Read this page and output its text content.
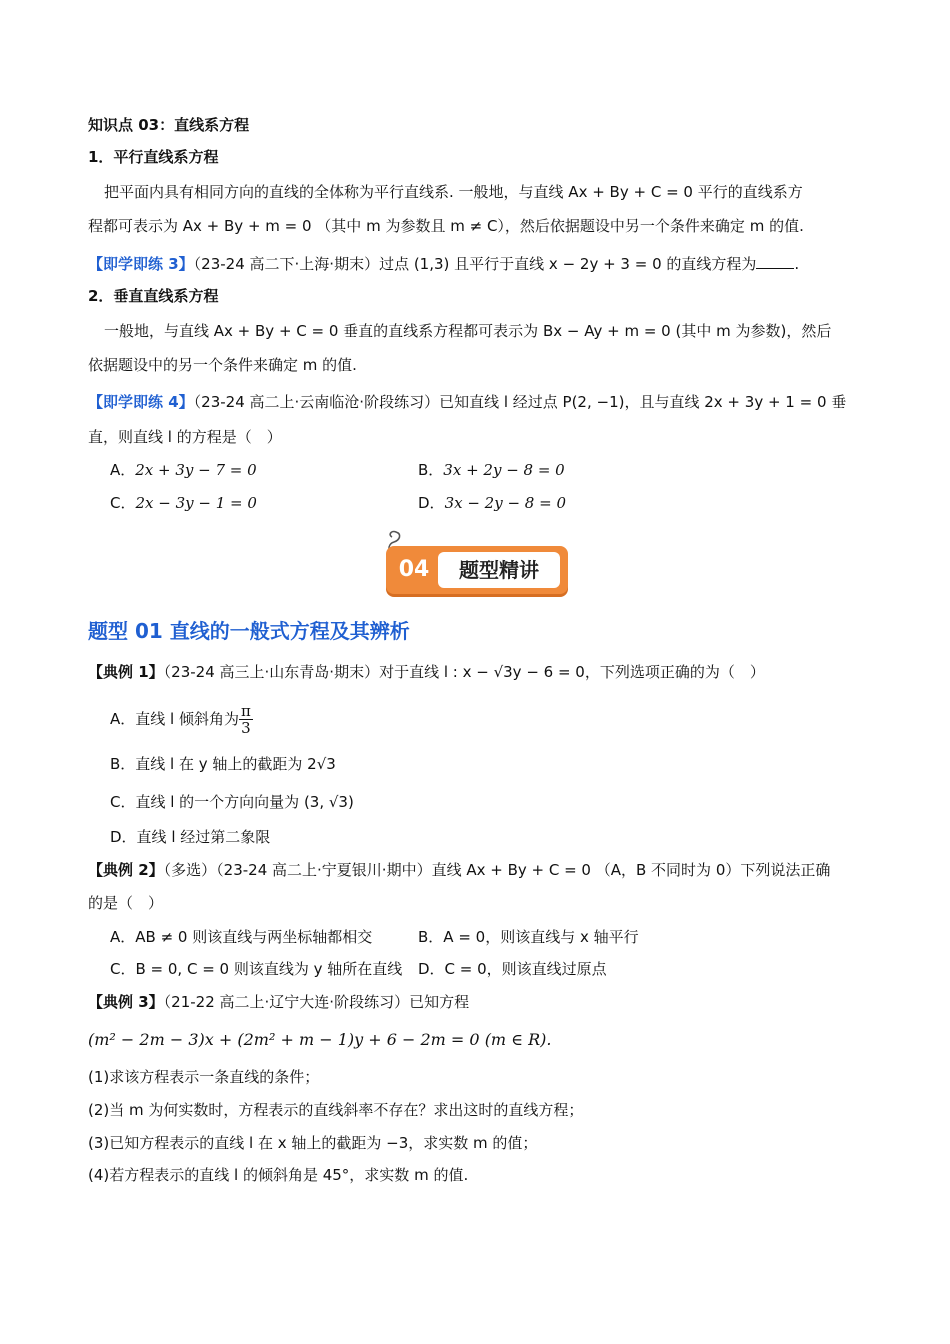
知识点 03：直线系方程
1．平行直线系方程
把平面内具有相同方向的直线的全体称为平行直线系. 一般地，与直线 Ax + By + C = 0 平行的直线系方
程都可表示为 Ax + By + m = 0 （其中 m 为参数且 m ≠ C），然后依据题设中另一个条件来确定 m 的值.
【即学即练 3】（23-24 高二下·上海·期末）过点 (1,3) 且平行于直线 x − 2y + 3 = 0 的直线方程为	.
2．垂直直线系方程
一般地，与直线 Ax + By + C = 0 垂直的直线系方程都可表示为 Bx − Ay + m = 0 (其中 m 为参数)，然后
依据题设中的另一个条件来确定 m 的值.
【即学即练 4】（23-24 高二上·云南临沧·阶段练习）已知直线 l 经过点 P(2, −1)，且与直线 2x + 3y + 1 = 0 垂
直，则直线 l 的方程是（　）
A．2x + 3y − 7 = 0	B．3x + 2y − 8 = 0
C．2x − 3y − 1 = 0	D．3x − 2y − 8 = 0
04	题型精讲
题型 01 直线的一般式方程及其辨析
【典例 1】（23-24 高三上·山东青岛·期末）对于直线 l : x − √3y − 6 = 0，下列选项正确的为（　）
A．直线 l 倾斜角为 $\frac{\pi}{3}$
B．直线 l 在 y 轴上的截距为 2√3
C．直线 l 的一个方向向量为 (3, √3)
D．直线 l 经过第二象限
【典例 2】（多选）（23-24 高二上·宁夏银川·期中）直线 Ax + By + C = 0 （A，B 不同时为 0）下列说法正确
的是（　）
A．AB ≠ 0 则该直线与两坐标轴都相交	B．A = 0，则该直线与 x 轴平行
C．B = 0, C = 0 则该直线为 y 轴所在直线 D．C = 0，则该直线过原点
【典例 3】（21-22 高二上·辽宁大连·阶段练习）已知方程
(m² − 2m − 3)x + (2m² + m − 1)y + 6 − 2m = 0 (m ∈ R).
(1)求该方程表示一条直线的条件；
(2)当 m 为何实数时，方程表示的直线斜率不存在？求出这时的直线方程；
(3)已知方程表示的直线 l 在 x 轴上的截距为 −3，求实数 m 的值；
(4)若方程表示的直线 l 的倾斜角是 45°，求实数 m 的值.
